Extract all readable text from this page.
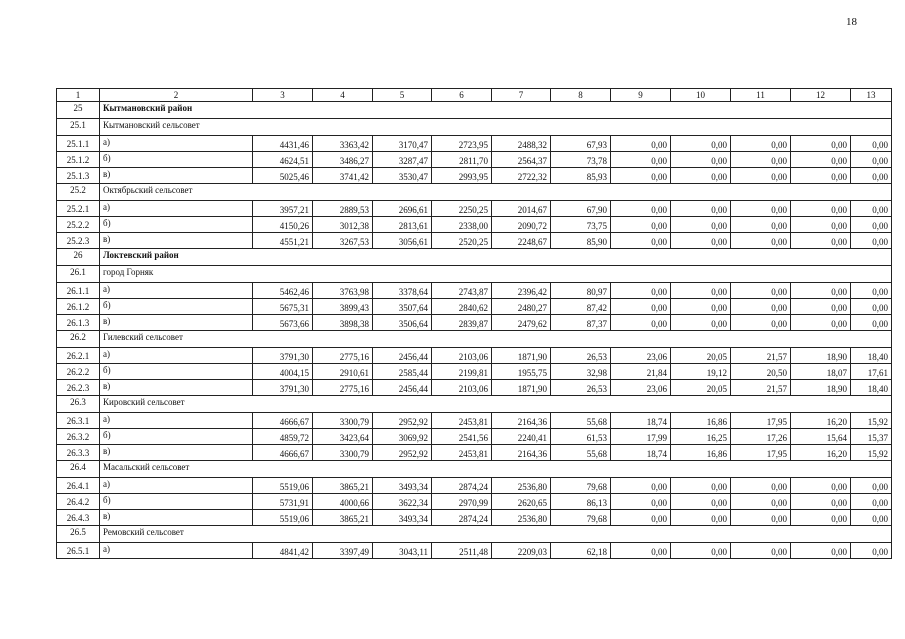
18
1	2	3	4	5	6	7	8	9	10	11	12	13
25	Кытмановский район											
25.1	Кытмановский сельсовет											
25.1.1	а)	4431,46	3363,42	3170,47	2723,95	2488,32	67,93	0,00	0,00	0,00	0,00	0,00
25.1.2	б)	4624,51	3486,27	3287,47	2811,70	2564,37	73,78	0,00	0,00	0,00	0,00	0,00
25.1.3	в)	5025,46	3741,42	3530,47	2993,95	2722,32	85,93	0,00	0,00	0,00	0,00	0,00
25.2	Октябрьский сельсовет											
25.2.1	а)	3957,21	2889,53	2696,61	2250,25	2014,67	67,90	0,00	0,00	0,00	0,00	0,00
25.2.2	б)	4150,26	3012,38	2813,61	2338,00	2090,72	73,75	0,00	0,00	0,00	0,00	0,00
25.2.3	в)	4551,21	3267,53	3056,61	2520,25	2248,67	85,90	0,00	0,00	0,00	0,00	0,00
26	Локтевский район											
26.1	город Горняк											
26.1.1	а)	5462,46	3763,98	3378,64	2743,87	2396,42	80,97	0,00	0,00	0,00	0,00	0,00
26.1.2	б)	5675,31	3899,43	3507,64	2840,62	2480,27	87,42	0,00	0,00	0,00	0,00	0,00
26.1.3	в)	5673,66	3898,38	3506,64	2839,87	2479,62	87,37	0,00	0,00	0,00	0,00	0,00
26.2	Гилевский сельсовет											
26.2.1	а)	3791,30	2775,16	2456,44	2103,06	1871,90	26,53	23,06	20,05	21,57	18,90	18,40
26.2.2	б)	4004,15	2910,61	2585,44	2199,81	1955,75	32,98	21,84	19,12	20,50	18,07	17,61
26.2.3	в)	3791,30	2775,16	2456,44	2103,06	1871,90	26,53	23,06	20,05	21,57	18,90	18,40
26.3	Кировский сельсовет											
26.3.1	а)	4666,67	3300,79	2952,92	2453,81	2164,36	55,68	18,74	16,86	17,95	16,20	15,92
26.3.2	б)	4859,72	3423,64	3069,92	2541,56	2240,41	61,53	17,99	16,25	17,26	15,64	15,37
26.3.3	в)	4666,67	3300,79	2952,92	2453,81	2164,36	55,68	18,74	16,86	17,95	16,20	15,92
26.4	Масальский сельсовет											
26.4.1	а)	5519,06	3865,21	3493,34	2874,24	2536,80	79,68	0,00	0,00	0,00	0,00	0,00
26.4.2	б)	5731,91	4000,66	3622,34	2970,99	2620,65	86,13	0,00	0,00	0,00	0,00	0,00
26.4.3	в)	5519,06	3865,21	3493,34	2874,24	2536,80	79,68	0,00	0,00	0,00	0,00	0,00
26.5	Ремовский сельсовет											
26.5.1	а)	4841,42	3397,49	3043,11	2511,48	2209,03	62,18	0,00	0,00	0,00	0,00	0,00
